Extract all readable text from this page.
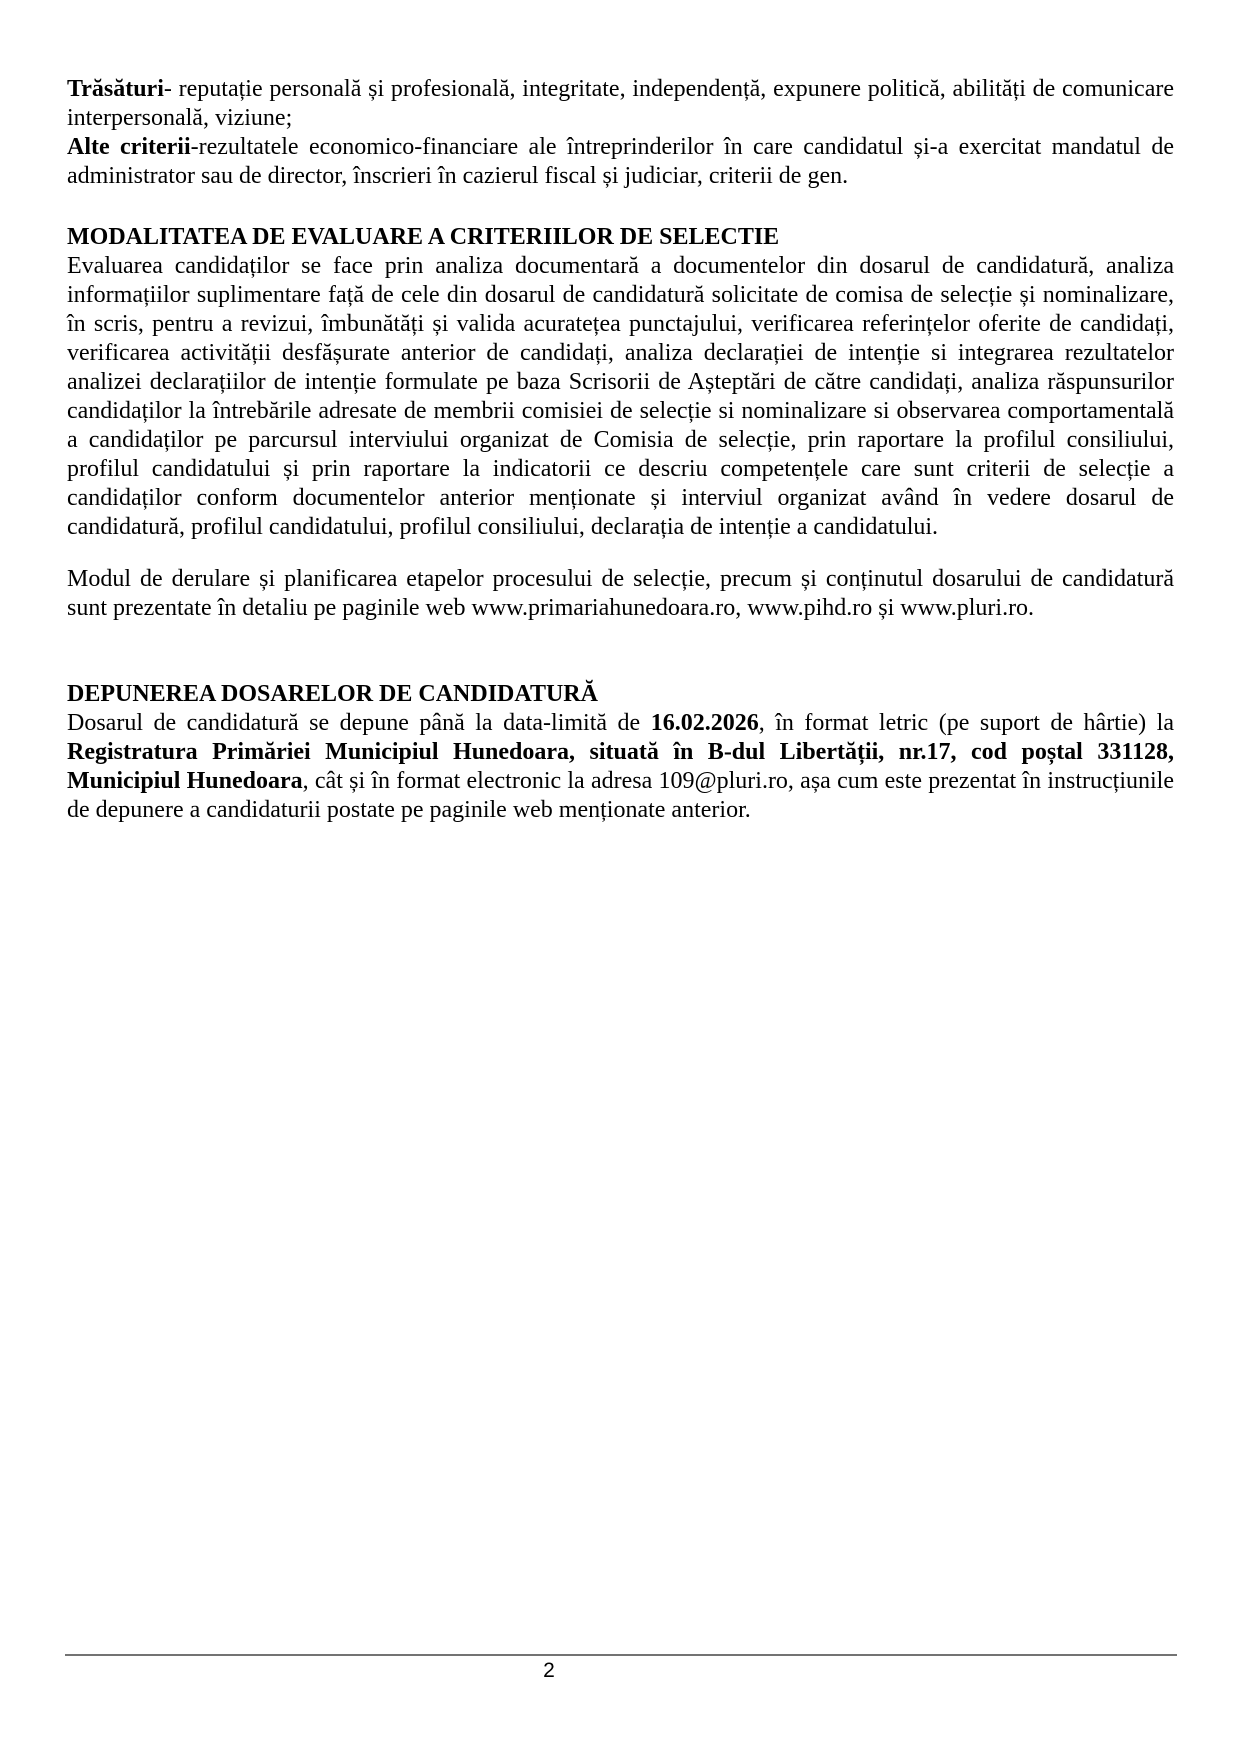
Trăsături- reputație personală și profesională, integritate, independență, expunere politică, abilități de comunicare interpersonală, viziune;

Alte criterii-rezultatele economico-financiare ale întreprinderilor în care candidatul și-a exercitat mandatul de administrator sau de director, înscrieri în cazierul fiscal și judiciar, criterii de gen.

MODALITATEA DE EVALUARE A CRITERIILOR DE SELECTIE

Evaluarea candidaților se face prin analiza documentară a documentelor din dosarul de candidatură, analiza informațiilor suplimentare față de cele din dosarul de candidatură solicitate de comisa de selecție și nominalizare, în scris, pentru a revizui, îmbunătăți și valida acuratețea punctajului, verificarea referințelor oferite de candidați, verificarea activității desfășurate anterior de candidați, analiza declarației de intenție si integrarea rezultatelor analizei declarațiilor de intenție formulate pe baza Scrisorii de Așteptări de către candidați, analiza răspunsurilor candidaților la întrebările adresate de membrii comisiei de selecție si nominalizare si observarea comportamentală a candidaților pe parcursul interviului organizat de Comisia de selecție, prin raportare la profilul consiliului, profilul candidatului și prin raportare la indicatorii ce descriu competențele care sunt criterii de selecție a candidaților conform documentelor anterior menționate și interviul organizat având în vedere dosarul de candidatură, profilul candidatului, profilul consiliului, declarația de intenție a candidatului.

Modul de derulare și planificarea etapelor procesului de selecție, precum și conținutul dosarului de candidatură sunt prezentate în detaliu pe paginile web www.primariahunedoara.ro, www.pihd.ro și www.pluri.ro.

DEPUNEREA DOSARELOR DE CANDIDATURĂ

Dosarul de candidatură se depune până la data-limită de 16.02.2026, în format letric (pe suport de hârtie) la Registratura Primăriei Municipiul Hunedoara, situată în B-dul Libertății, nr.17, cod poștal 331128, Municipiul Hunedoara, cât și în format electronic la adresa 109@pluri.ro, așa cum este prezentat în instrucțiunile de depunere a candidaturii postate pe paginile web menționate anterior.

2
